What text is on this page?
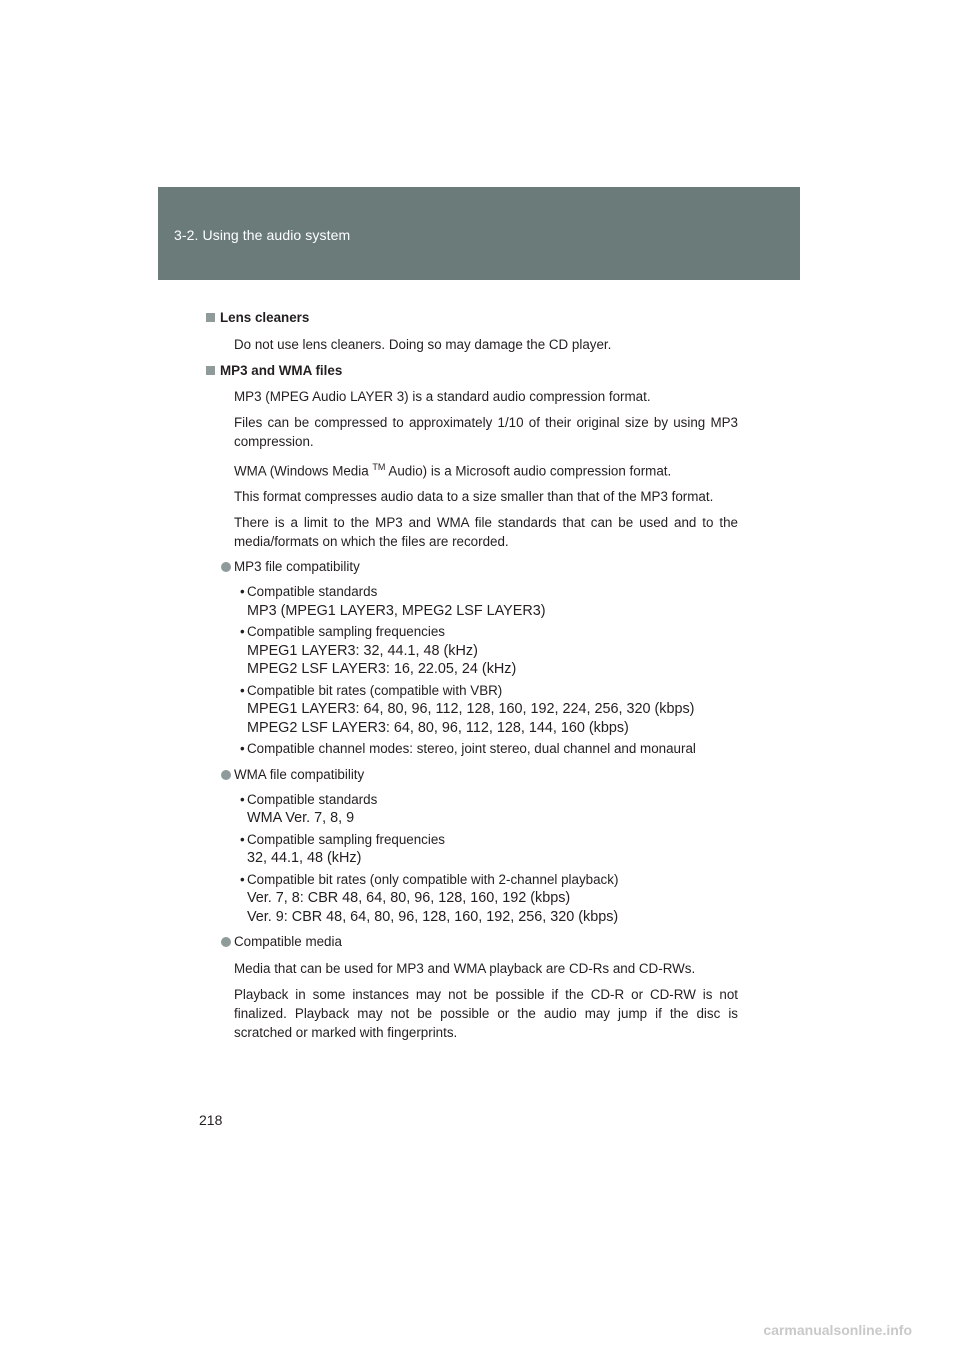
3-2. Using the audio system
Lens cleaners

Do not use lens cleaners. Doing so may damage the CD player.

MP3 and WMA files

MP3 (MPEG Audio LAYER 3) is a standard audio compression format.

Files can be compressed to approximately 1/10 of their original size by using MP3 compression.

WMA (Windows Media ™ Audio) is a Microsoft audio compression format.

This format compresses audio data to a size smaller than that of the MP3 format.

There is a limit to the MP3 and WMA file standards that can be used and to the media/formats on which the files are recorded.

MP3 file compatibility
• Compatible standards
MP3 (MPEG1 LAYER3, MPEG2 LSF LAYER3)
• Compatible sampling frequencies
MPEG1 LAYER3: 32, 44.1, 48 (kHz)
MPEG2 LSF LAYER3: 16, 22.05, 24 (kHz)
• Compatible bit rates (compatible with VBR)
MPEG1 LAYER3: 64, 80, 96, 112, 128, 160, 192, 224, 256, 320 (kbps)
MPEG2 LSF LAYER3: 64, 80, 96, 112, 128, 144, 160 (kbps)
• Compatible channel modes: stereo, joint stereo, dual channel and monaural
WMA file compatibility
• Compatible standards
WMA Ver. 7, 8, 9
• Compatible sampling frequencies
32, 44.1, 48 (kHz)
• Compatible bit rates (only compatible with 2-channel playback)
Ver. 7, 8: CBR 48, 64, 80, 96, 128, 160, 192 (kbps)
Ver. 9: CBR 48, 64, 80, 96, 128, 160, 192, 256, 320 (kbps)
Compatible media

Media that can be used for MP3 and WMA playback are CD-Rs and CD-RWs.

Playback in some instances may not be possible if the CD-R or CD-RW is not finalized. Playback may not be possible or the audio may jump if the disc is scratched or marked with fingerprints.

218
carmanualsonline.info
